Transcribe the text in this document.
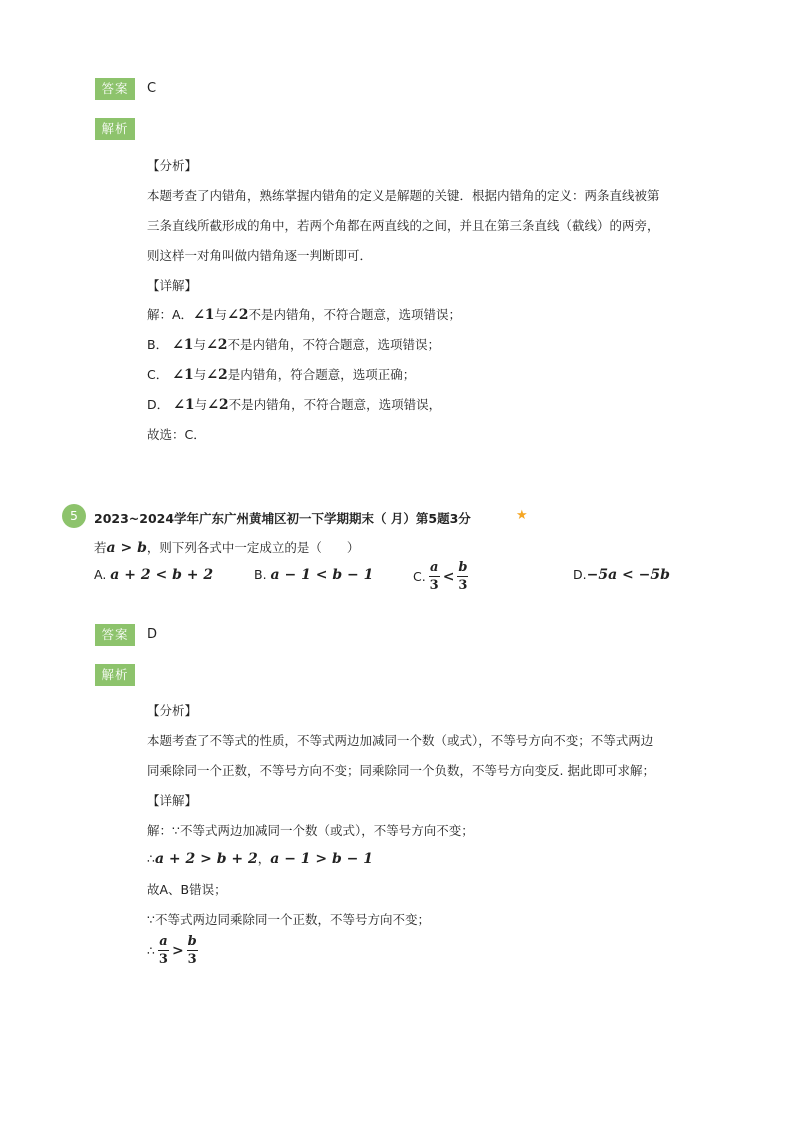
答案	C
解析
【分析】
本题考查了内错角，熟练掌握内错角的定义是解题的关键．根据内错角的定义：两条直线被第
三条直线所截形成的角中，若两个角都在两直线的之间，并且在第三条直线（截线）的两旁，
则这样一对角叫做内错角逐一判断即可．
【详解】
解：A．∠1与∠2不是内错角，不符合题意，选项错误；
B． ∠1与∠2不是内错角，不符合题意，选项错误；
C． ∠1与∠2是内错角，符合题意，选项正确；
D． ∠1与∠2不是内错角，不符合题意，选项错误，
故选：C．
5	2023~2024学年广东广州黄埔区初一下学期期末（ 月）第5题3分	★
若a > b，则下列各式中一定成立的是（　　）
A. a + 2 < b + 2	B. a − 1 < b − 1	C. $\frac{a}{3} < \frac{b}{3}$	D.−5a < −5b
答案	D
解析
【分析】
本题考查了不等式的性质，不等式两边加减同一个数（或式），不等号方向不变；不等式两边
同乘除同一个正数，不等号方向不变；同乘除同一个负数，不等号方向变反. 据此即可求解；
【详解】
解：∵不等式两边加减同一个数（或式），不等号方向不变；
∴a + 2 > b + 2，a − 1 > b − 1
故A、B错误；
∵不等式两边同乘除同一个正数，不等号方向不变；
∴ $\frac{a}{3} > \frac{b}{3}$
